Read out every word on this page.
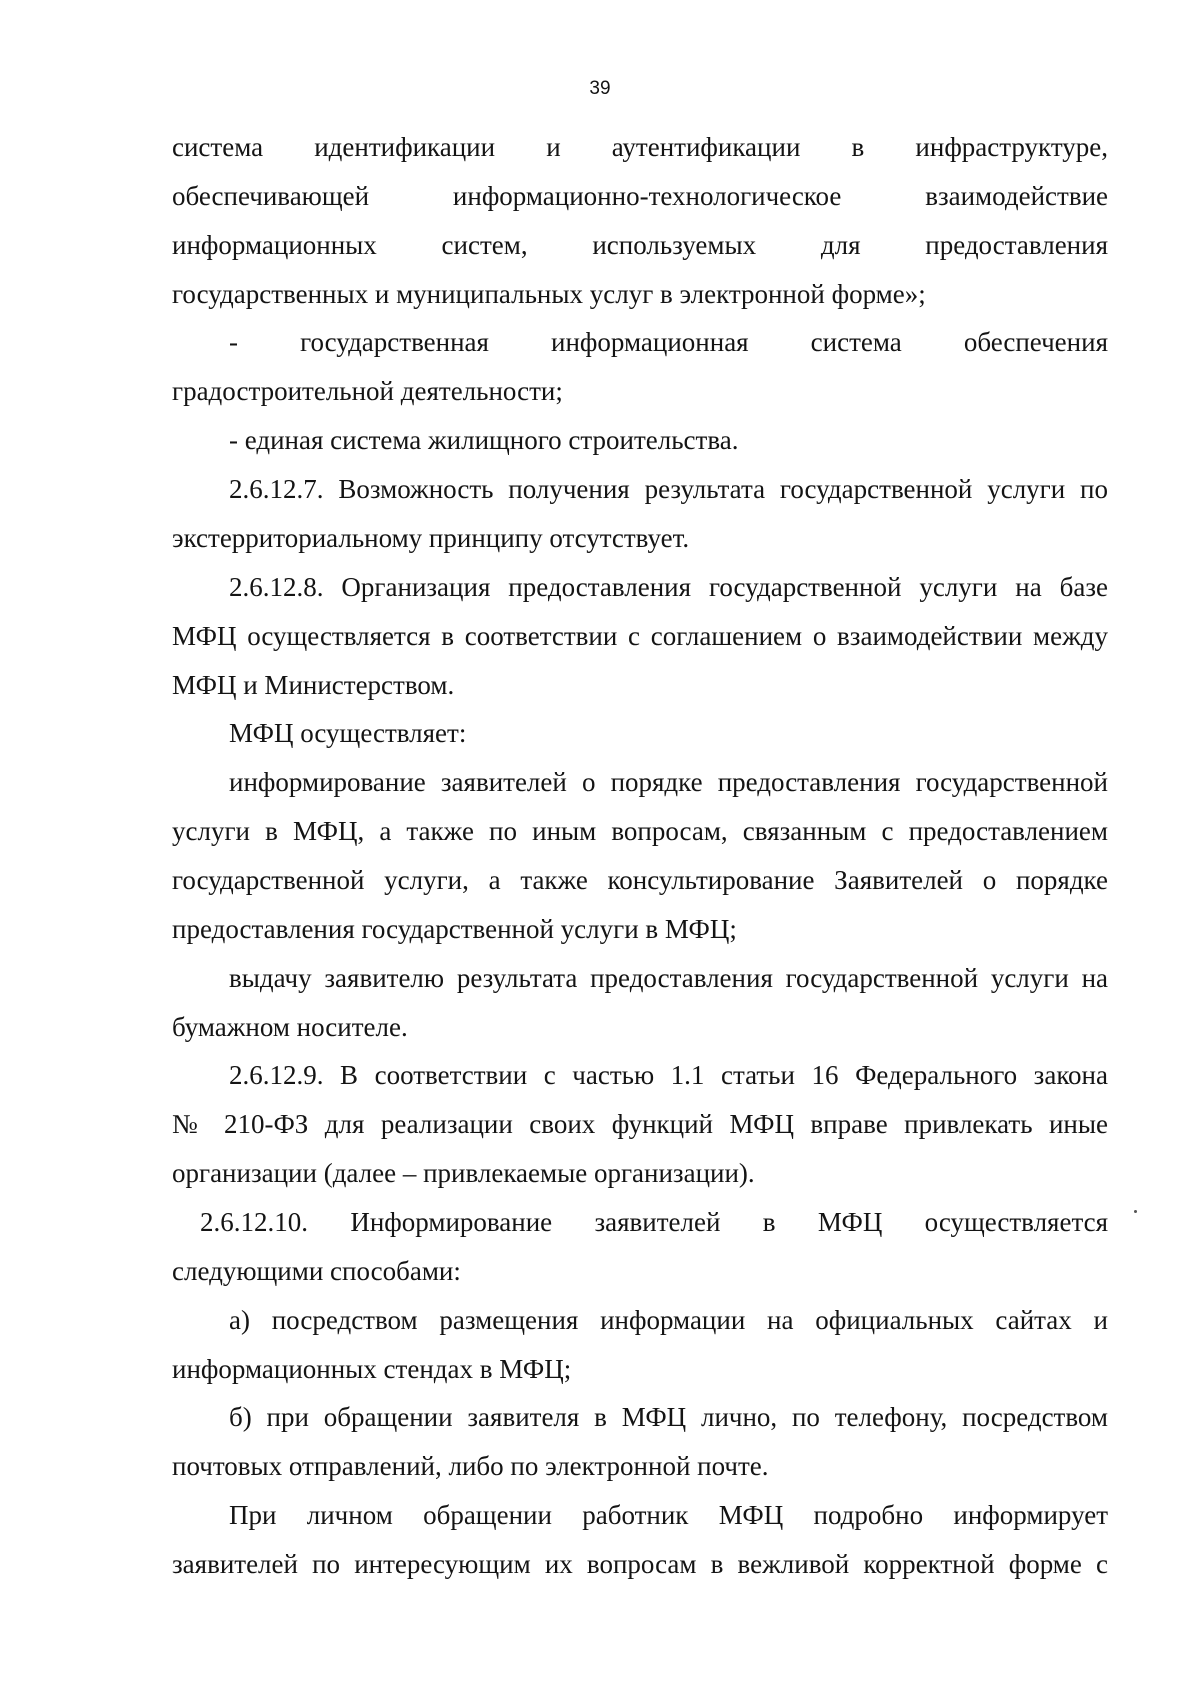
39
система идентификации и аутентификации в инфраструктуре,
обеспечивающей информационно-технологическое взаимодействие
информационных систем, используемых для предоставления
государственных и муниципальных услуг в электронной форме»;
- государственная информационная система обеспечения
градостроительной деятельности;
- единая система жилищного строительства.
2.6.12.7. Возможность получения результата государственной услуги по
экстерриториальному принципу отсутствует.
2.6.12.8. Организация предоставления государственной услуги на базе
МФЦ осуществляется в соответствии с соглашением о взаимодействии между
МФЦ и Министерством.
МФЦ осуществляет:
информирование заявителей о порядке предоставления государственной
услуги в МФЦ, а также по иным вопросам, связанным с предоставлением
государственной услуги, а также консультирование Заявителей о порядке
предоставления государственной услуги в МФЦ;
выдачу заявителю результата предоставления государственной услуги на
бумажном носителе.
2.6.12.9. В соответствии с частью 1.1 статьи 16 Федерального закона
№ 210-ФЗ для реализации своих функций МФЦ вправе привлекать иные
организации (далее – привлекаемые организации).
2.6.12.10. Информирование заявителей в МФЦ осуществляется
следующими способами:
а) посредством размещения информации на официальных сайтах и
информационных стендах в МФЦ;
б) при обращении заявителя в МФЦ лично, по телефону, посредством
почтовых отправлений, либо по электронной почте.
При личном обращении работник МФЦ подробно информирует
заявителей по интересующим их вопросам в вежливой корректной форме с
